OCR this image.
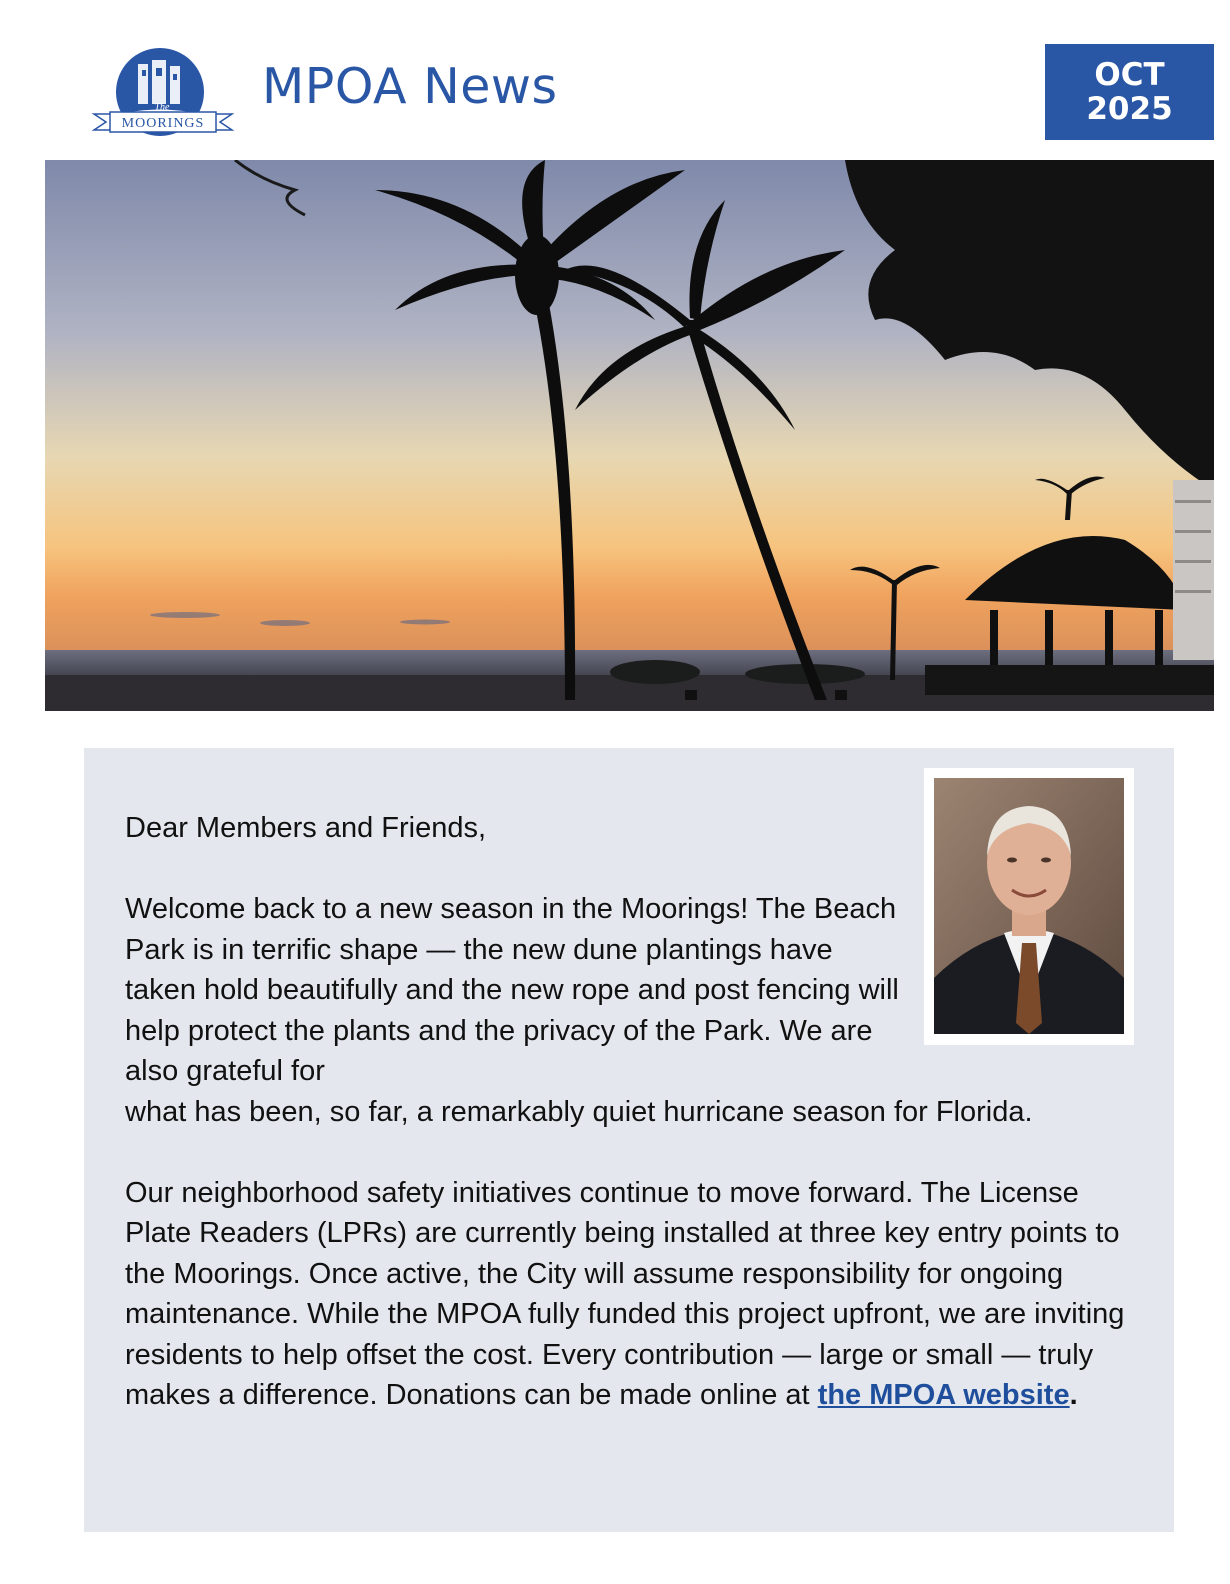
MOORINGS
The MPOA News	OCT
2025

Dear Members and Friends,

Welcome back to a new season in the Moorings! The Beach Park is in terrific shape — the new dune plantings have taken hold beautifully and the new rope and post fencing will help protect the plants and the privacy of the Park. We are also grateful for

what has been, so far, a remarkably quiet hurricane season for Florida.

Our neighborhood safety initiatives continue to move forward. The License Plate Readers (LPRs) are currently being installed at three key entry points to the Moorings. Once active, the City will assume responsibility for ongoing maintenance. While the MPOA fully funded this project upfront, we are inviting residents to help offset the cost. Every contribution — large or small — truly makes a difference. Donations can be made online at the MPOA website.
